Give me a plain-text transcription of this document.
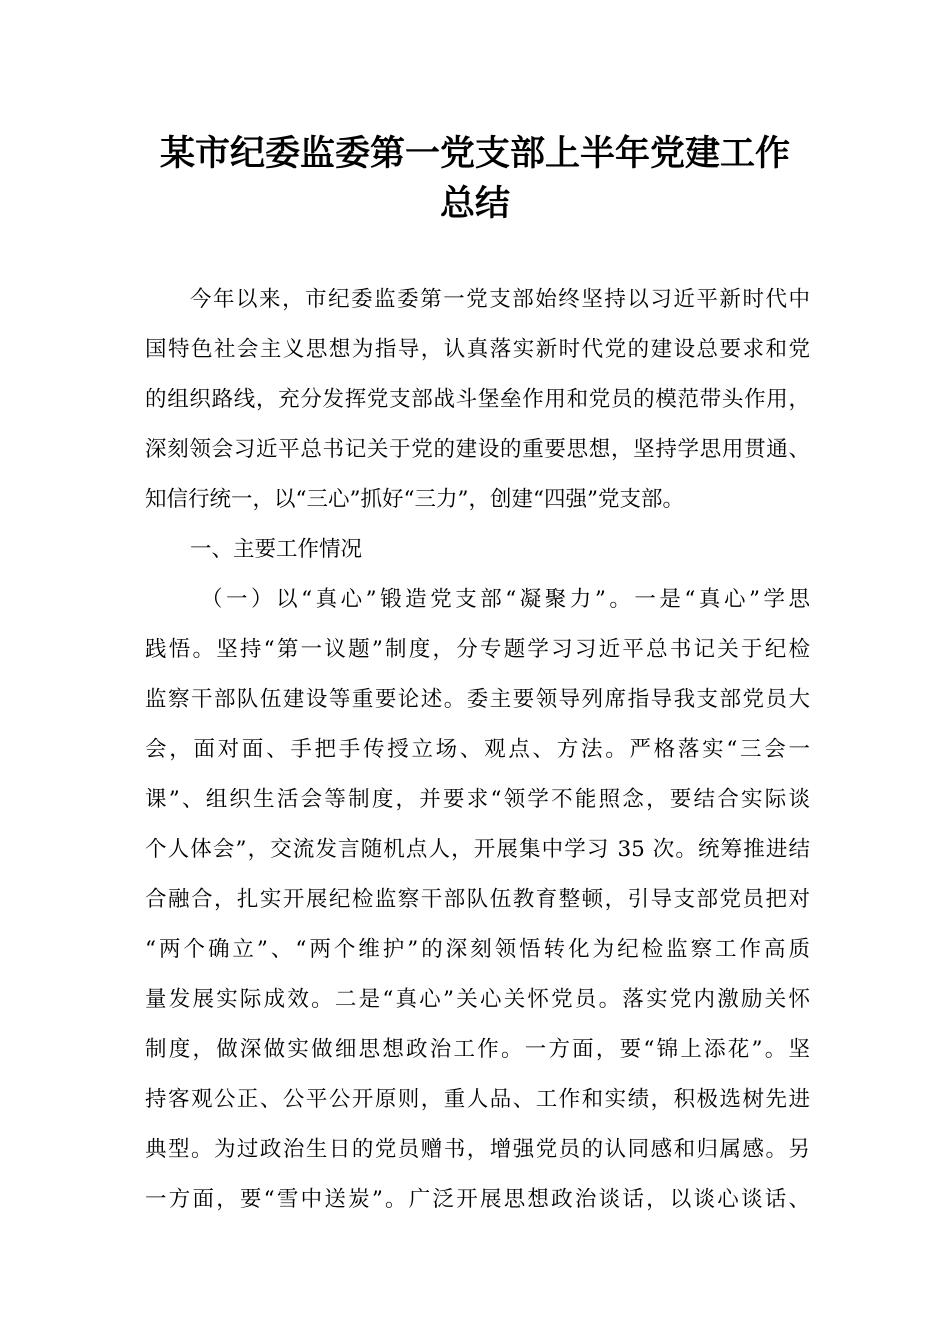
某市纪委监委第一党支部上半年党建工作
总结
今年以来，市纪委监委第一党支部始终坚持以习近平新时代中
国特色社会主义思想为指导，认真落实新时代党的建设总要求和党
的组织路线，充分发挥党支部战斗堡垒作用和党员的模范带头作用，
深刻领会习近平总书记关于党的建设的重要思想，坚持学思用贯通、
知信行统一，以“三心”抓好“三力”，创建“四强”党支部。
一、主要工作情况
（一）以“真心”锻造党支部“凝聚力”。一是“真心”学思
践悟。坚持“第一议题”制度，分专题学习习近平总书记关于纪检
监察干部队伍建设等重要论述。委主要领导列席指导我支部党员大
会，面对面、手把手传授立场、观点、方法。严格落实“三会一
课”、组织生活会等制度，并要求“领学不能照念，要结合实际谈
个人体会”，交流发言随机点人，开展集中学习 35 次。统筹推进结
合融合，扎实开展纪检监察干部队伍教育整顿，引导支部党员把对
“两个确立”、“两个维护”的深刻领悟转化为纪检监察工作高质
量发展实际成效。二是“真心”关心关怀党员。落实党内激励关怀
制度，做深做实做细思想政治工作。一方面，要“锦上添花”。坚
持客观公正、公平公开原则，重人品、工作和实绩，积极选树先进
典型。为过政治生日的党员赠书，增强党员的认同感和归属感。另
一方面，要“雪中送炭”。广泛开展思想政治谈话，以谈心谈话、
